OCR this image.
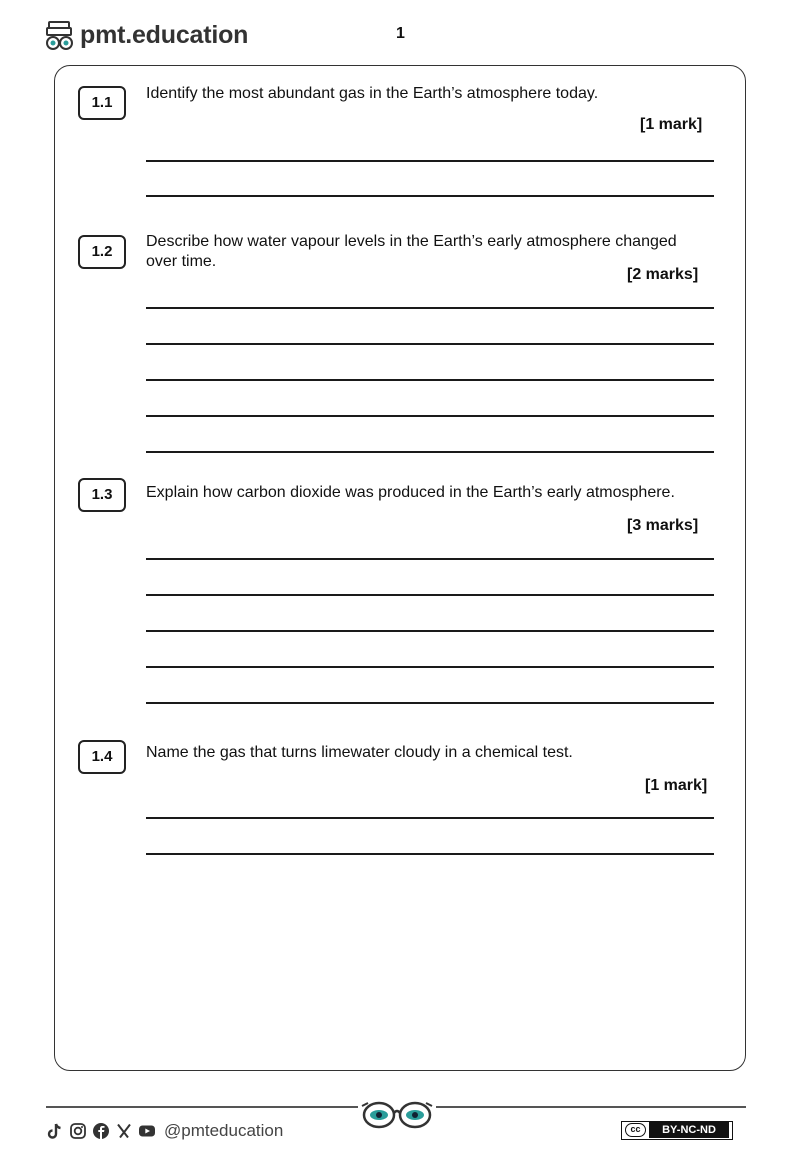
pmt.education	1
1.1
Identify the most abundant gas in the Earth’s atmosphere today.
[1 mark]
1.2
Describe how water vapour levels in the Earth’s early atmosphere changed over time.
[2 marks]
1.3	Explain how carbon dioxide was produced in the Earth’s early atmosphere.
[3 marks]
1.4	Name the gas that turns limewater cloudy in a chemical test.
[1 mark]
@pmteducation	cc	BY-NC-ND
